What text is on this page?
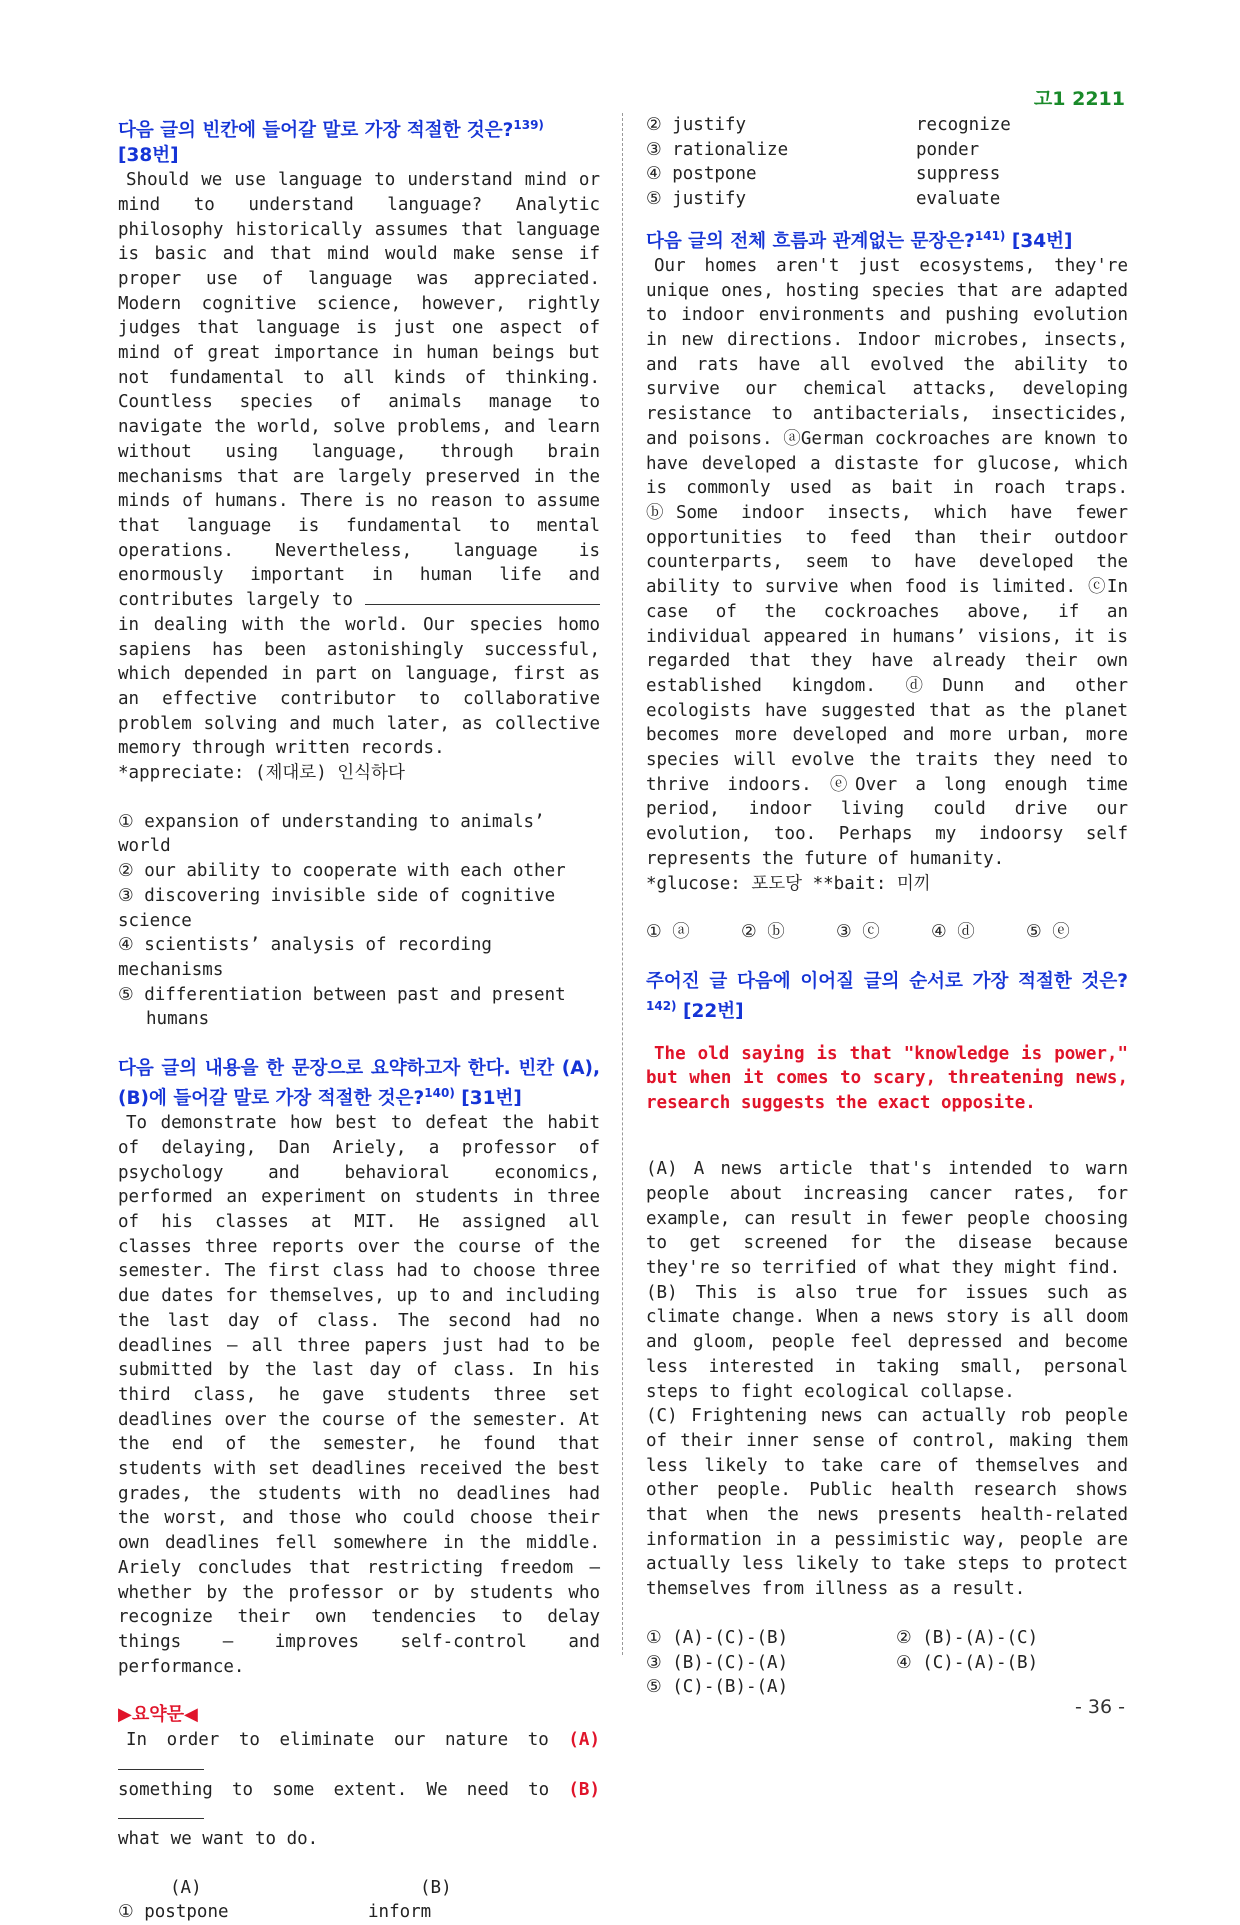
고1 2211
다음 글의 빈칸에 들어갈 말로 가장 적절한 것은?$^{139)}$
[38번]

Should we use language to understand mind or mind to understand language? Analytic philosophy historically assumes that language is basic and that mind would make sense if proper use of language was appreciated. Modern cognitive science, however, rightly judges that language is just one aspect of mind of great importance in human beings but not fundamental to all kinds of thinking. Countless species of animals manage to navigate the world, solve problems, and learn without using language, through brain mechanisms that are largely preserved in the minds of humans. There is no reason to assume that language is fundamental to mental operations. Nevertheless, language is enormously important in human life and contributes largely to  in dealing with the world. Our species homo sapiens has been astonishingly successful, which depended in part on language, first as an effective contributor to collaborative problem solving and much later, as collective memory through written records.

*appreciate: (제대로) 인식하다

① expansion of understanding to animals’ world

② our ability to cooperate with each other

③ discovering invisible side of cognitive science

④ scientists’ analysis of recording mechanisms

⑤ differentiation between past and present

humans

다음 글의 내용을 한 문장으로 요약하고자 한다. 빈칸 (A), (B)에 들어갈 말로 가장 적절한 것은?$^{140)}$ [31번]

To demonstrate how best to defeat the habit of delaying, Dan Ariely, a professor of psychology and behavioral economics, performed an experiment on students in three of his classes at MIT. He assigned all classes three reports over the course of the semester. The first class had to choose three due dates for themselves, up to and including the last day of class. The second had no deadlines — all three papers just had to be submitted by the last day of class. In his third class, he gave students three set deadlines over the course of the semester. At the end of the semester, he found that students with set deadlines received the best grades, the students with no deadlines had the worst, and those who could choose their own deadlines fell somewhere in the middle. Ariely concludes that restricting freedom — whether by the professor or by students who recognize their own tendencies to delay things — improves self-control and performance.

▶요약문◀

In order to eliminate our nature to (A)
something to some extent. We need to (B)
what we want to do.

(A)	(B)
① postpone	inform
② justify	recognize
③ rationalize	ponder
④ postpone	suppress
⑤ justify	evaluate
다음 글의 전체 흐름과 관계없는 문장은?$^{141)}$ [34번]

Our homes aren't just ecosystems, they're unique ones, hosting species that are adapted to indoor environments and pushing evolution in new directions. Indoor microbes, insects, and rats have all evolved the ability to survive our chemical attacks, developing resistance to antibacterials, insecticides, and poisons. ⓐGerman cockroaches are known to have developed a distaste for glucose, which is commonly used as bait in roach traps. ⓑSome indoor insects, which have fewer opportunities to feed than their outdoor counterparts, seem to have developed the ability to survive when food is limited. ⓒIn case of the cockroaches above, if an individual appeared in humans’ visions, it is regarded that they have already their own established kingdom. ⓓDunn and other ecologists have suggested that as the planet becomes more developed and more urban, more species will evolve the traits they need to thrive indoors. ⓔOver a long enough time period, indoor living could drive our evolution, too. Perhaps my indoorsy self represents the future of humanity.

*glucose: 포도당 **bait: 미끼

① ⓐ	② ⓑ	③ ⓒ	④ ⓓ	⑤ ⓔ
주어진 글 다음에 이어질 글의 순서로 가장 적절한 것은?$^{142)}$ [22번]

The old saying is that "knowledge is power," but when it comes to scary, threatening news, research suggests the exact opposite.

(A) A news article that's intended to warn people about increasing cancer rates, for example, can result in fewer people choosing to get screened for the disease because they're so terrified of what they might find.

(B) This is also true for issues such as climate change. When a news story is all doom and gloom, people feel depressed and become less interested in taking small, personal steps to fight ecological collapse.

(C) Frightening news can actually rob people of their inner sense of control, making them less likely to take care of themselves and other people. Public health research shows that when the news presents health-related information in a pessimistic way, people are actually less likely to take steps to protect themselves from illness as a result.

① (A)-(C)-(B)	② (B)-(A)-(C)
③ (B)-(C)-(A)	④ (C)-(A)-(B)
⑤ (C)-(B)-(A)
- 36 -
